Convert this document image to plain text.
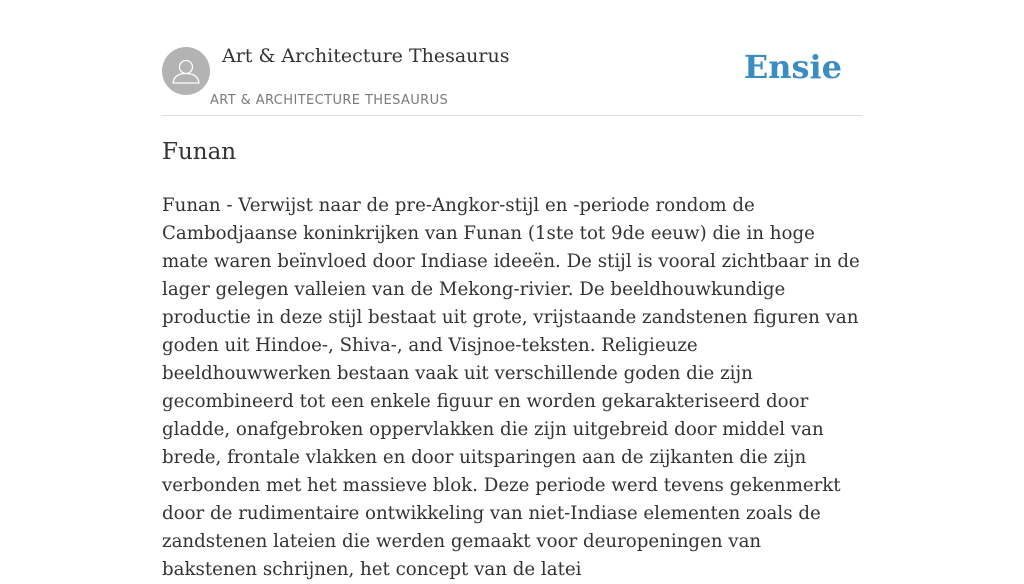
Art & Architecture Thesaurus
ART & ARCHITECTURE THESAURUS
Ensie
Funan

Funan - Verwijst naar de pre-Angkor-stijl en -periode rondom de Cambodjaanse koninkrijken van Funan (1ste tot 9de eeuw) die in hoge mate waren beïnvloed door Indiase ideeën. De stijl is vooral zichtbaar in de lager gelegen valleien van de Mekong-rivier. De beeldhouwkundige productie in deze stijl bestaat uit grote, vrijstaande zandstenen figuren van goden uit Hindoe-, Shiva-, and Visjnoe-teksten. Religieuze beeldhouwwerken bestaan vaak uit verschillende goden die zijn gecombineerd tot een enkele figuur en worden gekarakteriseerd door gladde, onafgebroken oppervlakken die zijn uitgebreid door middel van brede, frontale vlakken en door uitsparingen aan de zijkanten die zijn verbonden met het massieve blok. Deze periode werd tevens gekenmerkt door de rudimentaire ontwikkeling van niet-Indiase elementen zoals de zandstenen lateien die werden gemaakt voor deuropeningen van bakstenen schrijnen, het concept van de latei
